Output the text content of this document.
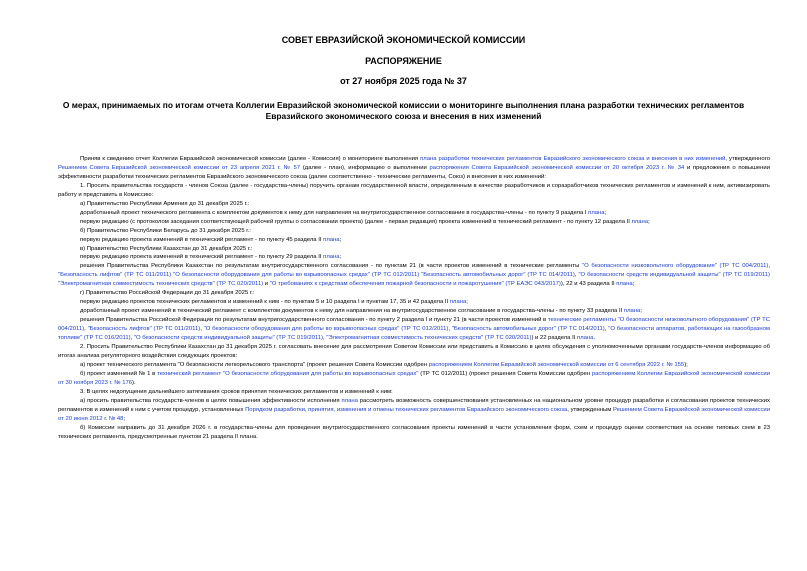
СОВЕТ ЕВРАЗИЙСКОЙ ЭКОНОМИЧЕСКОЙ КОМИССИИ
РАСПОРЯЖЕНИЕ
от 27 ноября 2025 года № 37
О мерах, принимаемых по итогам отчета Коллегии Евразийской экономической комиссии о мониторинге выполнения плана разработки технических регламентов
Евразийского экономического союза и внесения в них изменений

Приняв к сведению отчет Коллегии Евразийской экономической комиссии (далее - Комиссия) о мониторинге выполнения плана разработки технических регламентов Евразийского экономического союза и внесения в них изменений, утвержденного Решением Совета Евразийской экономической комиссии от 23 апреля 2021 г. № 57 (далее - план), информацию о выполнении распоряжения Совета Евразийской экономической комиссии от 20 октября 2023 г. № 34 и предложения о повышении эффективности разработки технических регламентов Евразийского экономического союза (далее соответственно - технические регламенты, Союз) и внесения в них изменений:

1. Просить правительства государств - членов Союза (далее - государства-члены) поручить органам государственной власти, определенным в качестве разработчиков и соразработчиков технических регламентов и изменений к ним, активизировать работу и представить в Комиссию:

а) Правительство Республики Армения до 31 декабря 2025 г.:

доработанный проект технического регламента с комплектом документов к нему для направления на внутригосударственное согласование в государства-члены - по пункту 9 раздела I плана;

первую редакцию (с протоколом заседания соответствующей рабочей группы о согласовании проекта) (далее - первая редакция) проекта изменений в технический регламент - по пункту 12 раздела II плана;

б) Правительство Республики Беларусь до 31 декабря 2025 г.:

первую редакцию проекта изменений в технический регламент - по пункту 45 раздела II плана;

в) Правительство Республики Казахстан до 31 декабря 2025 г.:

первую редакцию проекта изменений в технический регламент - по пункту 29 раздела II плана;

решения Правительства Республики Казахстан по результатам внутригосударственного согласования - по пунктам 21 (в части проектов изменений в технические регламенты "О безопасности низковольтного оборудования" (ТР ТС 004/2011), "Безопасность лифтов" (ТР ТС 011/2011) "О безопасности оборудования для работы во взрывоопасных средах" (ТР ТС 012/2011) "Безопасность автомобильных дорог" (ТР ТС 014/2011), "О безопасности средств индивидуальной защиты" (ТР ТС 019/2011) "Электромагнитная совместимость технических средств" (ТР ТС 020/2011) и "О требованиях к средствам обеспечения пожарной безопасности и пожаротушения" (ТР ЕАЭС 043/2017)), 22 и 43 раздела II плана;

г) Правительство Российской Федерации до 31 декабря 2025 г.:

первую редакцию проектов технических регламентов и изменений к ним - по пунктам 5 и 10 раздела I и пунктам 17, 35 и 42 раздела II плана;

доработанный проект изменений в технический регламент с комплектом документов к нему для направления на внутригосударственное согласование в государства-члены - по пункту 33 раздела II плана;

решения Правительства Российской Федерации по результатам внутригосударственного согласования - по пункту 2 раздела I и пункту 21 (в части проектов изменений в технические регламенты "О безопасности низковольтного оборудования" (ТР ТС 004/2011), "Безопасность лифтов" (ТР ТС 011/2011), "О безопасности оборудования для работы во взрывоопасных средах" (ТР ТС 012/2011), "Безопасность автомобильных дорог" (ТР ТС 014/2011), "О безопасности аппаратов, работающих на газообразном топливе" (ТР ТС 016/2011), "О безопасности средств индивидуальной защиты" (ТР ТС 019/2011), "Электромагнитная совместимость технических средств" (ТР ТС 020/2011)) и 22 раздела II плана.

2. Просить Правительство Республики Казахстан до 31 декабря 2025 г. согласовать внесение для рассмотрения Советом Комиссии или представить в Комиссию в целях обсуждения с уполномоченными органами государств-членов информацию об итогах анализа регуляторного воздействия следующих проектов:

а) проект технического регламента "О безопасности легкорельсового транспорта" (проект решения Совета Комиссии одобрен распоряжением Коллегии Евразийской экономической комиссии от 6 сентября 2022 г. № 155);

б) проект изменений № 1 в технический регламент "О безопасности оборудования для работы во взрывоопасных средах" (ТР ТС 012/2011) (проект решения Совета Комиссии одобрен распоряжением Коллегии Евразийской экономической комиссии от 30 ноября 2023 г. № 176).

3. В целях недопущения дальнейшего затягивания сроков принятия технических регламентов и изменений к ним:

а) просить правительства государств-членов в целях повышения эффективности исполнения плана рассмотреть возможность совершенствования установленных на национальном уровне процедур разработки и согласования проектов технических регламентов и изменений к ним с учетом процедур, установленных Порядком разработки, принятия, изменения и отмены технических регламентов Евразийского экономического союза, утвержденным Решением Совета Евразийской экономической комиссии от 20 июня 2012 г. № 48;

б) Комиссии направить до 31 декабря 2026 г. в государства-члены для проведения внутригосударственного согласования проекты изменений в части установления форм, схем и процедур оценки соответствия на основе типовых схем в 23 технических регламента, предусмотренные пунктом 21 раздела II плана.
